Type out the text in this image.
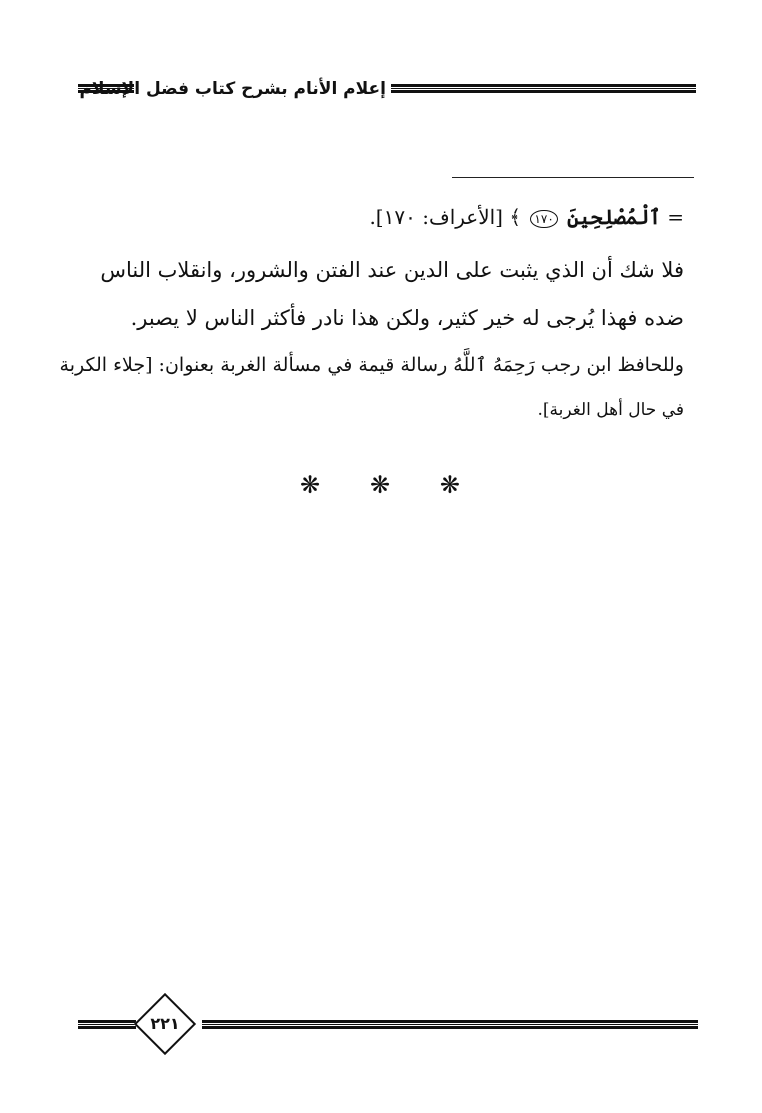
إعلام الأنام بشرح كتاب فضل الإسلام
= ٱلْمُصْلِحِينَ ١٧٠ ﴾ [الأعراف: ١٧٠].
فلا شك أن الذي يثبت على الدين عند الفتن والشرور، وانقلاب الناس
ضده فهذا يُرجى له خير كثير، ولكن هذا نادر فأكثر الناس لا يصبر.
وللحافظ ابن رجب رَحِمَهُ ٱللَّهُ رسالة قيمة في مسألة الغربة بعنوان: [جلاء الكربة
في حال أهل الغربة].
❋ ❋ ❋
٢٢١
